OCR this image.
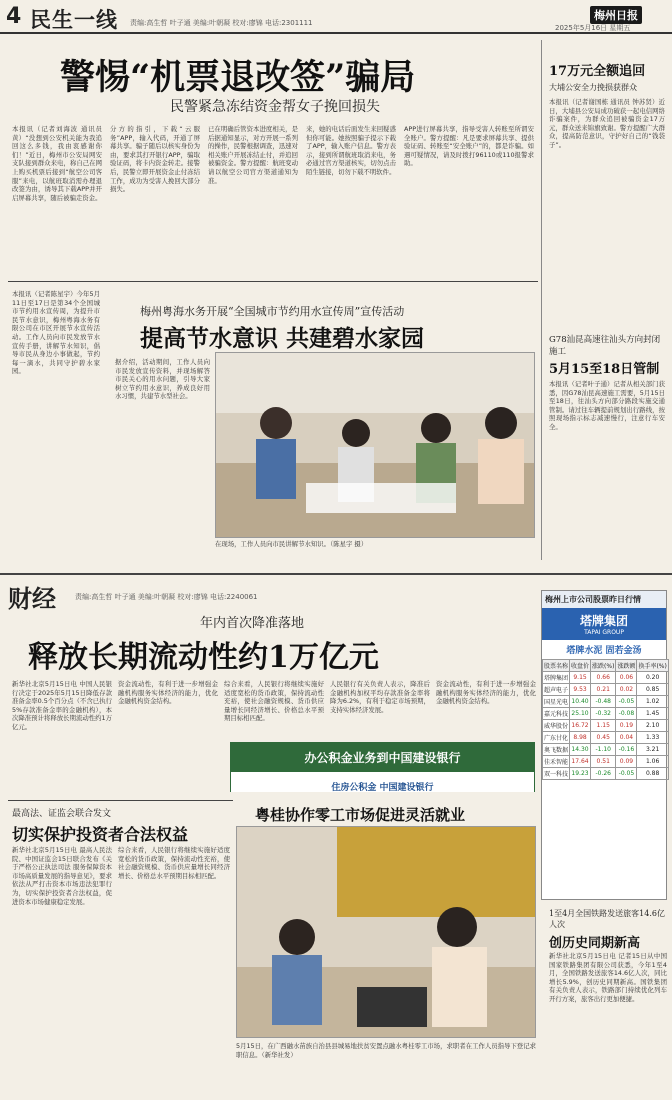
4 民生一线 责编:高生哲 叶子通 美编:叶朝凝 校对:廖锦 电话:2301111
梅州日报
2025年5月16日 星期五
警惕“机票退改签”骗局
民警紧急冻结资金帮女子挽回损失
本报讯（记者刘海波 通讯员 黄）“没想到公安机关能为我追回这么多钱，我由衷感谢你们！”近日，梅州市公安局网安支队接到群众来电，称自己在网上购买机票后接到“航空公司客服”来电，以航班取消需办理退改签为由，诱导其下载APP并开启屏幕共享，随后被骗走资金。
分方的指引，下载“云服务”APP，输入代码，开通了屏幕共享。骗子随后以核实身份为由，要求其打开银行APP，骗取验证码，将卡内资金转走。接警后，民警立即开展资金止付冻结工作，成功为受害人挽回大部分损失。
已在明确后管资本进度相关，是后据通知显示，对方开展一系列的操作，民警根据调查，迅速对相关账户开展冻结止付，并追回被骗资金。警方提醒：航班变动请以航空公司官方渠道通知为准。
来，她的电话后面发生来回疑惑但你可能。她按照骗子提示下载了APP，输入账户信息。警方表示，接到所谓航班取消来电，务必通过官方渠道核实，切勿点击陌生链接，切勿下载不明软件。
APP进行屏幕共享，指导受害人转账至所谓安全账户。警方提醒：凡是要求屏幕共享、提供验证码、转账至“安全账户”的，都是诈骗。如遇可疑情况，请及时拨打96110或110报警求助。
本报讯（记者陈星宇）今年5月11日至17日是第34个全国城市节约用水宣传周，为提升市民节水意识，梅州粤海水务有限公司在市区开展节水宣传活动。工作人员向市民发放节水宣传手册，讲解节水知识，倡导市民从身边小事做起，节约每一滴水，共同守护碧水家园。
梅州粤海水务开展“全国城市节约用水宣传周”宣传活动
提高节水意识 共建碧水家园
据介绍，活动期间，工作人员向市民发放宣传资料，并现场解答市民关心的用水问题，引导大家树立节约用水意识，养成良好用水习惯，共建节水型社会。
在现场，工作人员向市民讲解节水知识。（陈星宇 摄）
17万元全额追回
大埔公安全力挽损获群众
本报讯（记者谢国栋 通讯员 钟苏贤）近日，大埔县公安局成功破获一起电信网络诈骗案件，为群众追回被骗资金17万元，群众送来锦旗致谢。警方提醒广大群众，提高防范意识，守护好自己的“钱袋子”。
G78汕昆高速往汕头方向封闭施工
5月15至18日管制
本报讯（记者叶子通）记者从相关部门获悉，因G78汕昆高速施工需要，5月15日至18日，往汕头方向部分路段实施交通管制。请过往车辆提前规划出行路线，按照现场指示标志减速慢行，注意行车安全。
财经	责编:高生哲 叶子通 美编:叶朝凝 校对:廖锦 电话:2240061
年内首次降准落地
释放长期流动性约1万亿元
新华社北京5月15日电 中国人民银行决定于2025年5月15日降低存款准备金率0.5个百分点（不含已执行5%存款准备金率的金融机构），本次降准预计将释放长期流动性约1万亿元。
资金流动性，有利于进一步增强金融机构服务实体经济的能力，优化金融机构资金结构。
综合来看，人民银行将继续实施好适度宽松的货币政策，保持流动性充裕，使社会融资规模、货币供应量增长同经济增长、价格总水平预期目标相匹配。
人民银行有关负责人表示，降准后金融机构加权平均存款准备金率将降为6.2%，有利于稳定市场预期，支持实体经济发展。
资金流动性，有利于进一步增强金融机构服务实体经济的能力，优化金融机构资金结构。
办公积金业务到中国建设银行
住房公积金 中国建设银行
梅州上市公司股票昨日行情
塔牌集团
TAPAI GROUP
塔牌水泥 固若金汤
股票名称	收盘价	涨跌(%)	涨跌额	换手率(%)
塔牌集团	9.15	0.66	0.06	0.20
超声电子	9.53	0.21	0.02	0.85
国星光电	10.40	-0.48	-0.05	1.02
嘉元科技	25.10	-0.32	-0.08	1.45
威华股份	16.72	1.15	0.19	2.10
广东甘化	8.98	0.45	0.04	1.33
奥飞数据	14.30	-1.10	-0.16	3.21
佳禾智能	17.64	0.51	0.09	1.06
双一科技	19.23	-0.26	-0.05	0.88
最高法、证监会联合发文
切实保护投资者合法权益
新华社北京5月15日电 最高人民法院、中国证监会15日联合发布《关于严格公正执法司法 服务保障资本市场高质量发展的指导意见》，要求依法从严打击资本市场违法犯罪行为，切实保护投资者合法权益，促进资本市场健康稳定发展。
综合来看，人民银行将继续实施好适度宽松的货币政策，保持流动性充裕，使社会融资规模、货币供应量增长同经济增长、价格总水平预期目标相匹配。
粤桂协作零工市场促进灵活就业
5月15日，在广西融水苗族自治县县城易地扶贫安置点融水粤桂零工市场，求职者在工作人员指导下登记求职信息。（新华社发）
1至4月全国铁路发送旅客14.6亿人次
创历史同期新高
新华社北京5月15日电 记者15日从中国国家铁路集团有限公司获悉，今年1至4月，全国铁路发送旅客14.6亿人次，同比增长5.9%，创历史同期新高。国铁集团有关负责人表示，铁路部门持续优化列车开行方案，旅客出行更加便捷。
